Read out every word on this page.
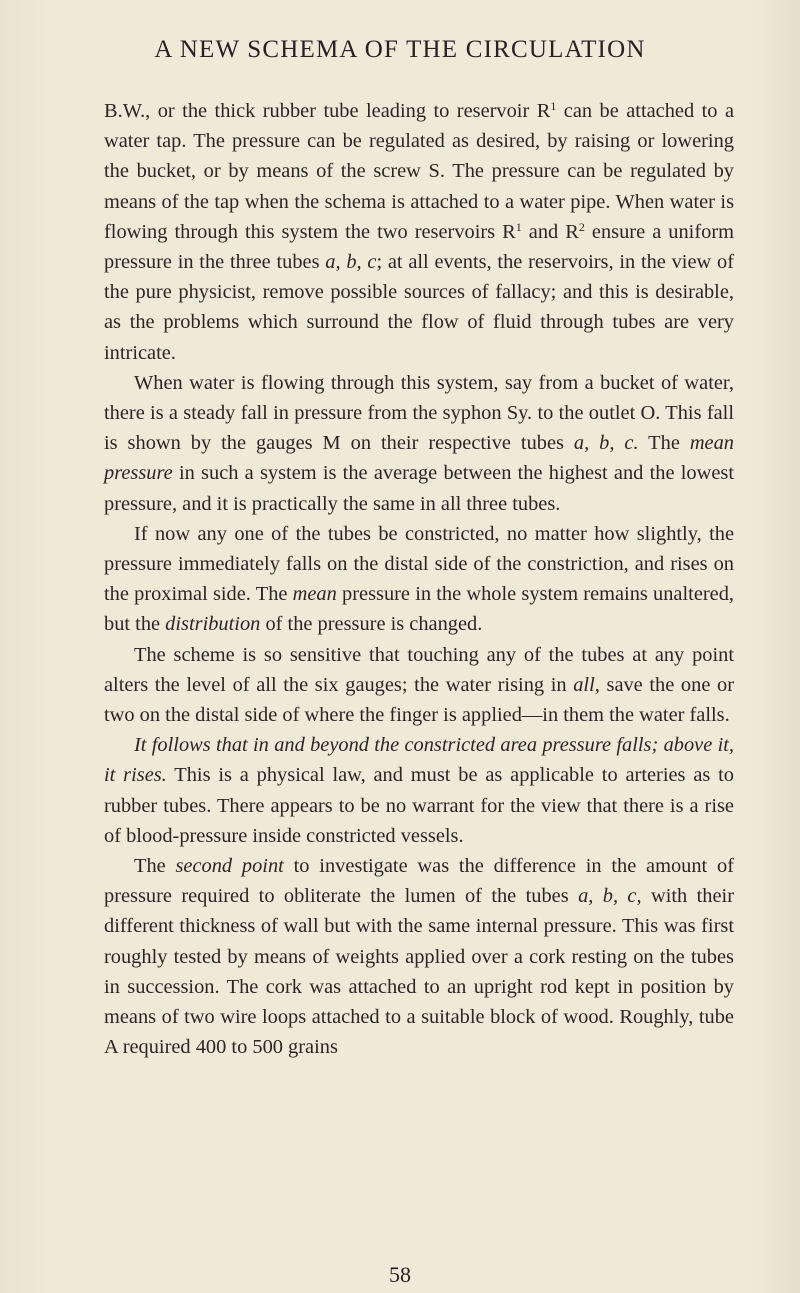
A NEW SCHEMA OF THE CIRCULATION

B.W., or the thick rubber tube leading to reservoir $R^1$ can be attached to a water tap. The pressure can be regulated as desired, by raising or lowering the bucket, or by means of the screw S. The pressure can be regulated by means of the tap when the schema is attached to a water pipe. When water is flowing through this system the two reservoirs $R^1$ and $R^2$ ensure a uniform pressure in the three tubes a, b, c; at all events, the reservoirs, in the view of the pure physicist, remove possible sources of fallacy; and this is desirable, as the problems which surround the flow of fluid through tubes are very intricate.

When water is flowing through this system, say from a bucket of water, there is a steady fall in pressure from the syphon Sy. to the outlet O. This fall is shown by the gauges M on their respective tubes a, b, c. The mean pressure in such a system is the average between the highest and the lowest pressure, and it is practically the same in all three tubes.

If now any one of the tubes be constricted, no matter how slightly, the pressure immediately falls on the distal side of the constriction, and rises on the proximal side. The mean pressure in the whole system remains unaltered, but the distribution of the pressure is changed.

The scheme is so sensitive that touching any of the tubes at any point alters the level of all the six gauges; the water rising in all, save the one or two on the distal side of where the finger is applied—in them the water falls.

It follows that in and beyond the constricted area pressure falls; above it, it rises. This is a physical law, and must be as applicable to arteries as to rubber tubes. There appears to be no warrant for the view that there is a rise of blood-pressure inside constricted vessels.

The second point to investigate was the difference in the amount of pressure required to obliterate the lumen of the tubes a, b, c, with their different thickness of wall but with the same internal pressure. This was first roughly tested by means of weights applied over a cork resting on the tubes in succession. The cork was attached to an upright rod kept in position by means of two wire loops attached to a suitable block of wood. Roughly, tube A required 400 to 500 grains

58
